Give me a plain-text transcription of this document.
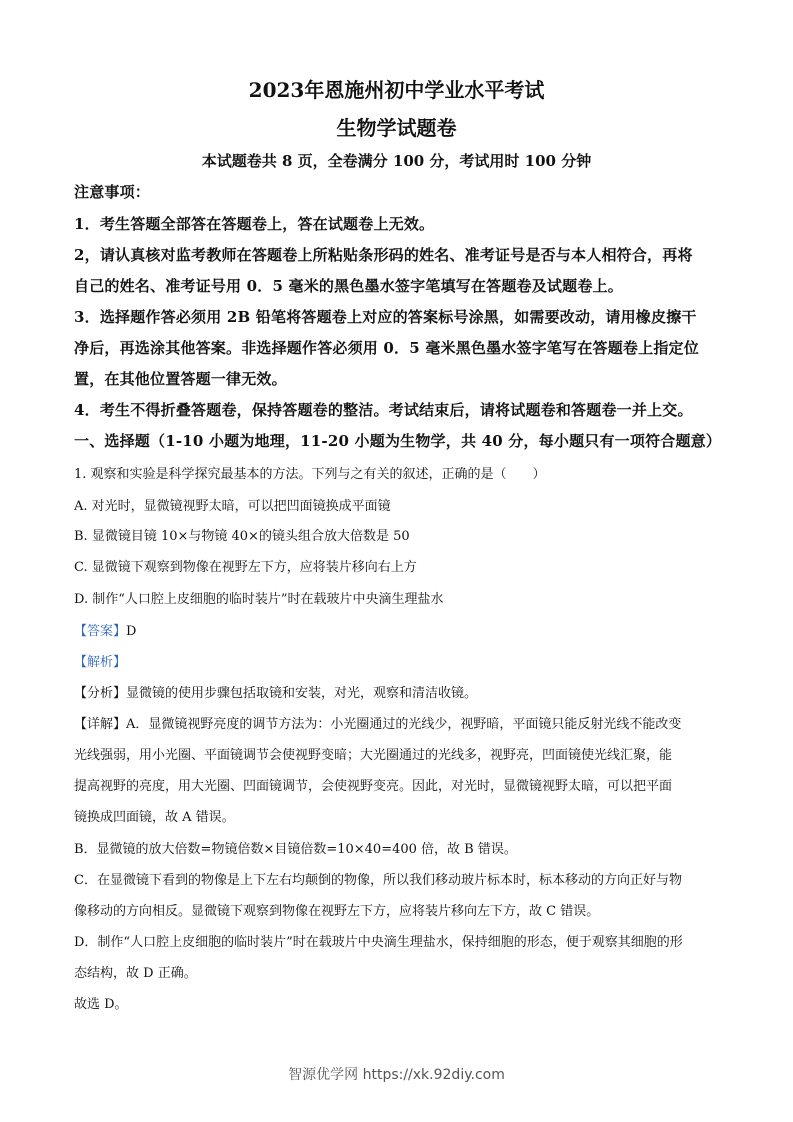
2023年恩施州初中学业水平考试
生物学试题卷
本试题卷共 8 页，全卷满分 100 分，考试用时 100 分钟
注意事项：
1．考生答题全部答在答题卷上，答在试题卷上无效。
2，请认真核对监考教师在答题卷上所粘贴条形码的姓名、准考证号是否与本人相符合，再将
自己的姓名、准考证号用 0．5 毫米的黑色墨水签字笔填写在答题卷及试题卷上。
3．选择题作答必须用 2B 铅笔将答题卷上对应的答案标号涂黑，如需要改动，请用橡皮擦干
净后，再选涂其他答案。非选择题作答必须用 0．5 毫米黑色墨水签字笔写在答题卷上指定位
置，在其他位置答题一律无效。
4．考生不得折叠答题卷，保持答题卷的整洁。考试结束后，请将试题卷和答题卷一并上交。
一、选择题（1-10 小题为地理，11-20 小题为生物学，共 40 分，每小题只有一项符合题意）
1. 观察和实验是科学探究最基本的方法。下列与之有关的叙述，正确的是（　　）
A. 对光时，显微镜视野太暗，可以把凹面镜换成平面镜
B. 显微镜目镜 10×与物镜 40×的镜头组合放大倍数是 50
C. 显微镜下观察到物像在视野左下方，应将装片移向右上方
D. 制作“人口腔上皮细胞的临时装片”时在载玻片中央滴生理盐水
【答案】D
【解析】
【分析】显微镜的使用步骤包括取镜和安装，对光，观察和清洁收镜。
【详解】A．显微镜视野亮度的调节方法为：小光圈通过的光线少，视野暗，平面镜只能反射光线不能改变
光线强弱，用小光圈、平面镜调节会使视野变暗；大光圈通过的光线多，视野亮，凹面镜使光线汇聚，能
提高视野的亮度，用大光圈、凹面镜调节，会使视野变亮。因此，对光时，显微镜视野太暗，可以把平面
镜换成凹面镜，故 A 错误。
B．显微镜的放大倍数=物镜倍数×目镜倍数=10×40=400 倍，故 B 错误。
C．在显微镜下看到的物像是上下左右均颠倒的物像，所以我们移动玻片标本时，标本移动的方向正好与物
像移动的方向相反。显微镜下观察到物像在视野左下方，应将装片移向左下方，故 C 错误。
D．制作“人口腔上皮细胞的临时装片”时在载玻片中央滴生理盐水，保持细胞的形态，便于观察其细胞的形
态结构，故 D 正确。
故选 D。
智源优学网 https://xk.92diy.com
